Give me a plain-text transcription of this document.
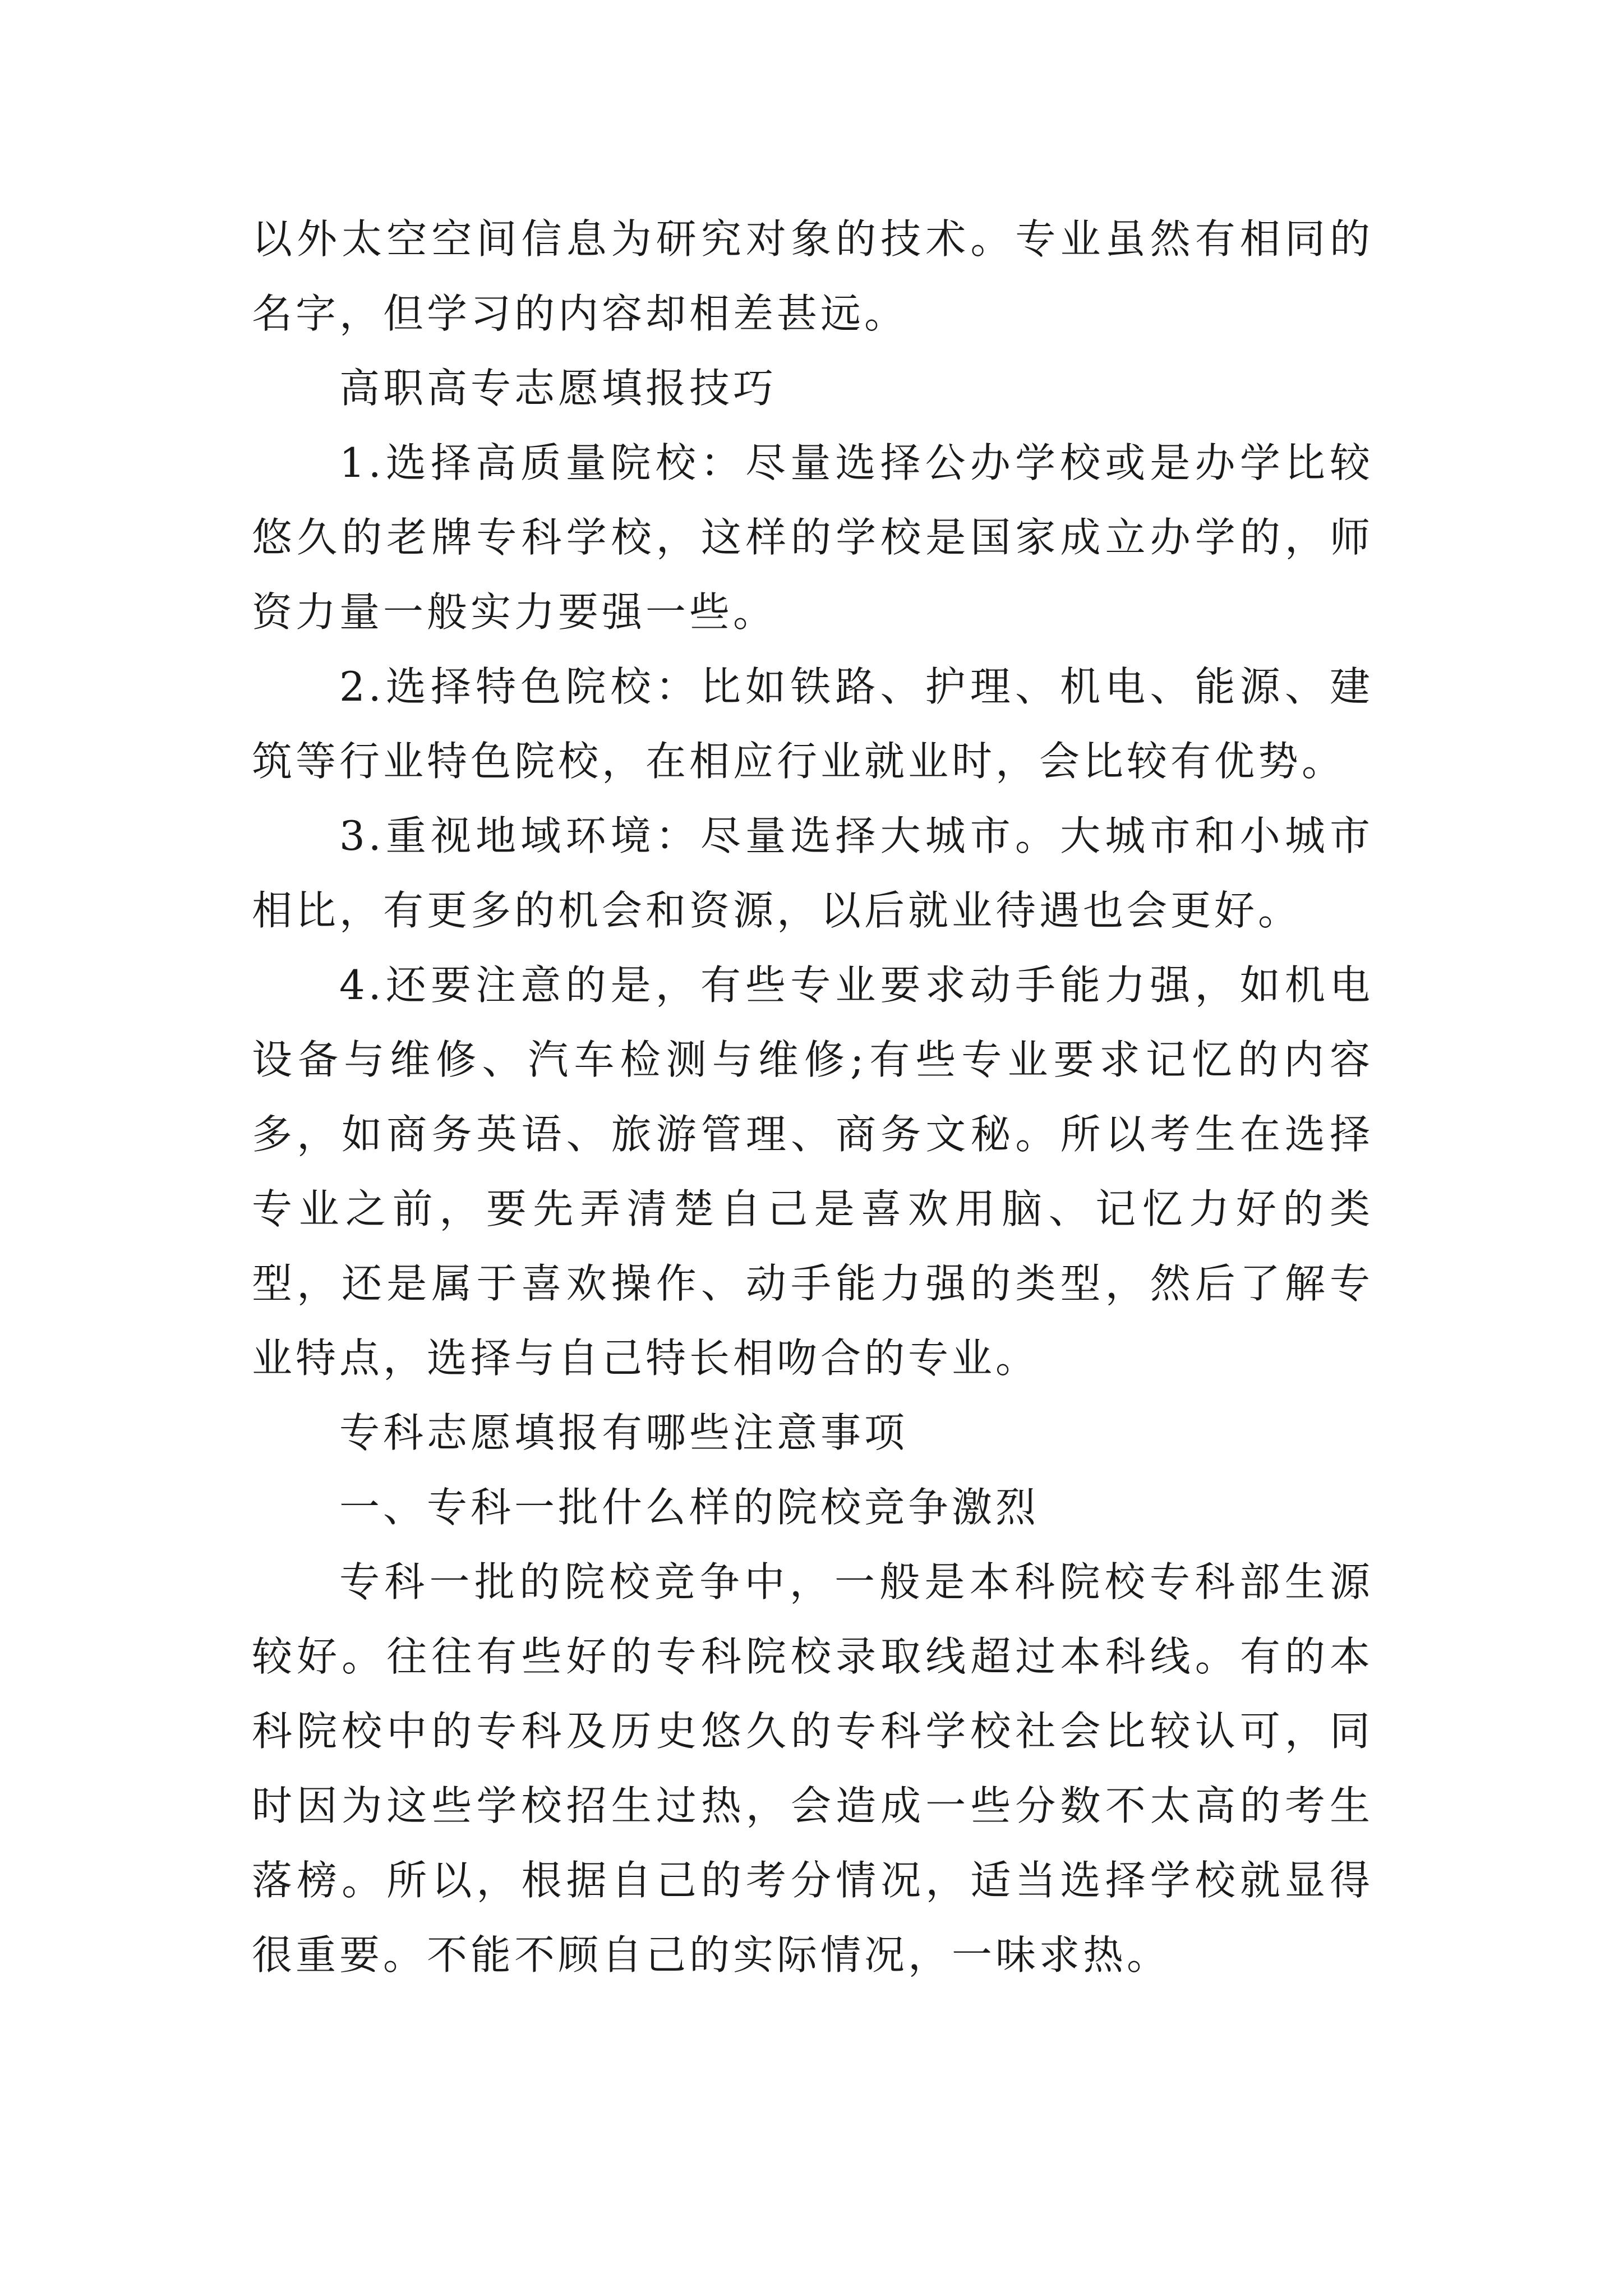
以外太空空间信息为研究对象的技术。专业虽然有相同的名字，但学习的内容却相差甚远。

高职高专志愿填报技巧

1.选择高质量院校：尽量选择公办学校或是办学比较悠久的老牌专科学校，这样的学校是国家成立办学的，师资力量一般实力要强一些。

2.选择特色院校：比如铁路、护理、机电、能源、建筑等行业特色院校，在相应行业就业时，会比较有优势。

3.重视地域环境：尽量选择大城市。大城市和小城市相比，有更多的机会和资源，以后就业待遇也会更好。

4.还要注意的是，有些专业要求动手能力强，如机电设备与维修、汽车检测与维修;有些专业要求记忆的内容多，如商务英语、旅游管理、商务文秘。所以考生在选择专业之前，要先弄清楚自己是喜欢用脑、记忆力好的类型，还是属于喜欢操作、动手能力强的类型，然后了解专业特点，选择与自己特长相吻合的专业。

专科志愿填报有哪些注意事项

一、专科一批什么样的院校竞争激烈

专科一批的院校竞争中，一般是本科院校专科部生源较好。往往有些好的专科院校录取线超过本科线。有的本科院校中的专科及历史悠久的专科学校社会比较认可，同时因为这些学校招生过热，会造成一些分数不太高的考生落榜。所以，根据自己的考分情况，适当选择学校就显得很重要。不能不顾自己的实际情况，一味求热。
